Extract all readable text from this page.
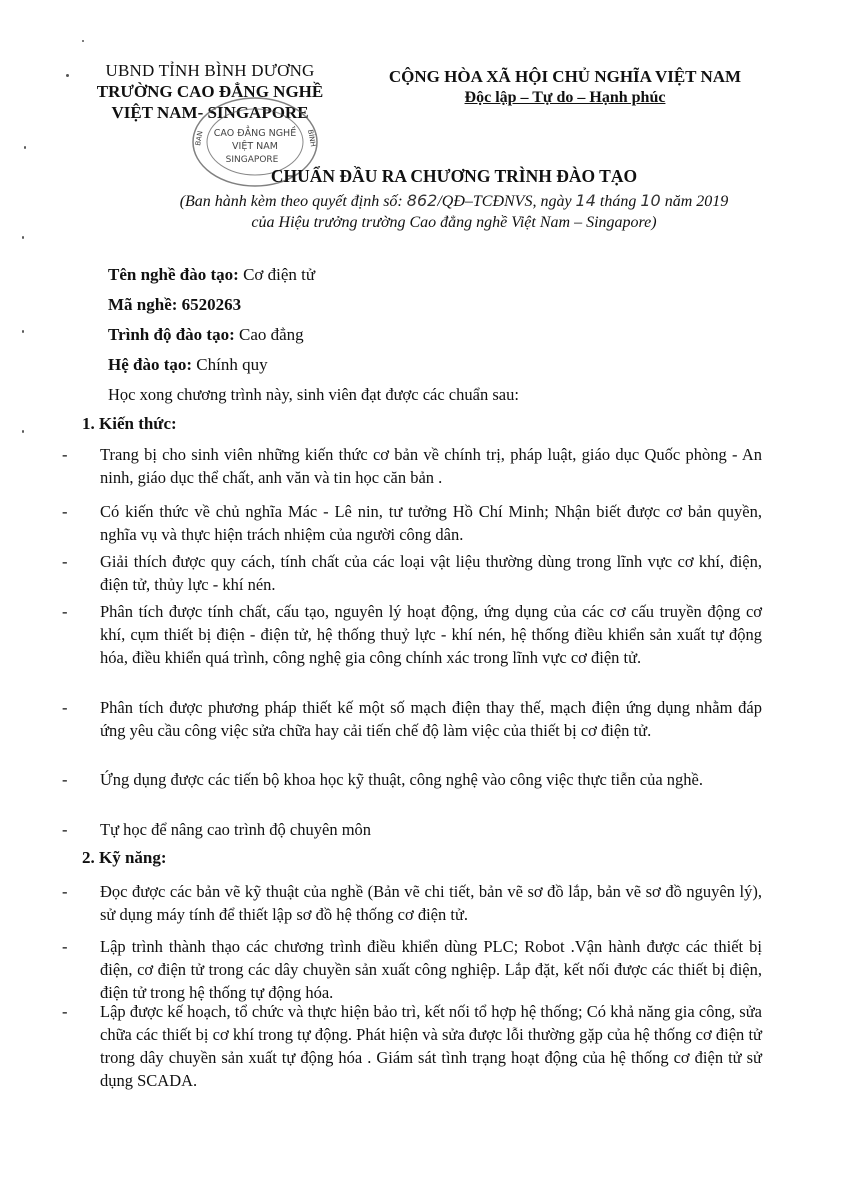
UBND TỈNH BÌNH DƯƠNG
TRƯỜNG CAO ĐẲNG NGHỀ
VIỆT NAM- SINGAPORE
CỘNG HÒA XÃ HỘI CHỦ NGHĨA VIỆT NAM
Độc lập – Tự do – Hạnh phúc
CAO ĐẲNG NGHỀ
VIỆT NAM
SINGAPORE
BAN	BÌNH
CHUẨN ĐẦU RA CHƯƠNG TRÌNH ĐÀO TẠO
(Ban hành kèm theo quyết định số: 862/QĐ–TCĐNVS, ngày 14 tháng 10 năm 2019
của Hiệu trưởng trường Cao đẳng nghề Việt Nam – Singapore)
Tên nghề đào tạo: Cơ điện tử
Mã nghề: 6520263
Trình độ đào tạo: Cao đẳng
Hệ đào tạo: Chính quy
Học xong chương trình này, sinh viên đạt được các chuẩn sau:
1. Kiến thức:
- Trang bị cho sinh viên những kiến thức cơ bản về chính trị, pháp luật, giáo dục Quốc phòng - An ninh, giáo dục thể chất, anh văn và tin học căn bản .
- Có kiến thức về chủ nghĩa Mác - Lê nin, tư tưởng Hồ Chí Minh; Nhận biết được cơ bản quyền, nghĩa vụ và thực hiện trách nhiệm của người công dân.
- Giải thích được quy cách, tính chất của các loại vật liệu thường dùng trong lĩnh vực cơ khí, điện, điện tử, thủy lực - khí nén.
- Phân tích được tính chất, cấu tạo, nguyên lý hoạt động, ứng dụng của các cơ cấu truyền động cơ khí, cụm thiết bị điện - điện tử, hệ thống thuỷ lực - khí nén, hệ thống điều khiển sản xuất tự động hóa, điều khiển quá trình, công nghệ gia công chính xác trong lĩnh vực cơ điện tử.
- Phân tích được phương pháp thiết kế một số mạch điện thay thế, mạch điện ứng dụng nhằm đáp ứng yêu cầu công việc sửa chữa hay cải tiến chế độ làm việc của thiết bị cơ điện tử.
- Ứng dụng được các tiến bộ khoa học kỹ thuật, công nghệ vào công việc thực tiễn của nghề.
- Tự học để nâng cao trình độ chuyên môn
2. Kỹ năng:
- Đọc được các bản vẽ kỹ thuật của nghề (Bản vẽ chi tiết, bản vẽ sơ đồ lắp, bản vẽ sơ đồ nguyên lý), sử dụng máy tính để thiết lập sơ đồ hệ thống cơ điện tử.
- Lập trình thành thạo các chương trình điều khiển dùng PLC; Robot .Vận hành được các thiết bị điện, cơ điện tử trong các dây chuyền sản xuất công nghiệp. Lắp đặt, kết nối được các thiết bị điện, điện tử trong hệ thống tự động hóa.
- Lập được kế hoạch, tổ chức và thực hiện bảo trì, kết nối tổ hợp hệ thống; Có khả năng gia công, sửa chữa các thiết bị cơ khí trong tự động. Phát hiện và sửa được lỗi thường gặp của hệ thống cơ điện tử trong dây chuyền sản xuất tự động hóa . Giám sát tình trạng hoạt động của hệ thống cơ điện tử sử dụng SCADA.
